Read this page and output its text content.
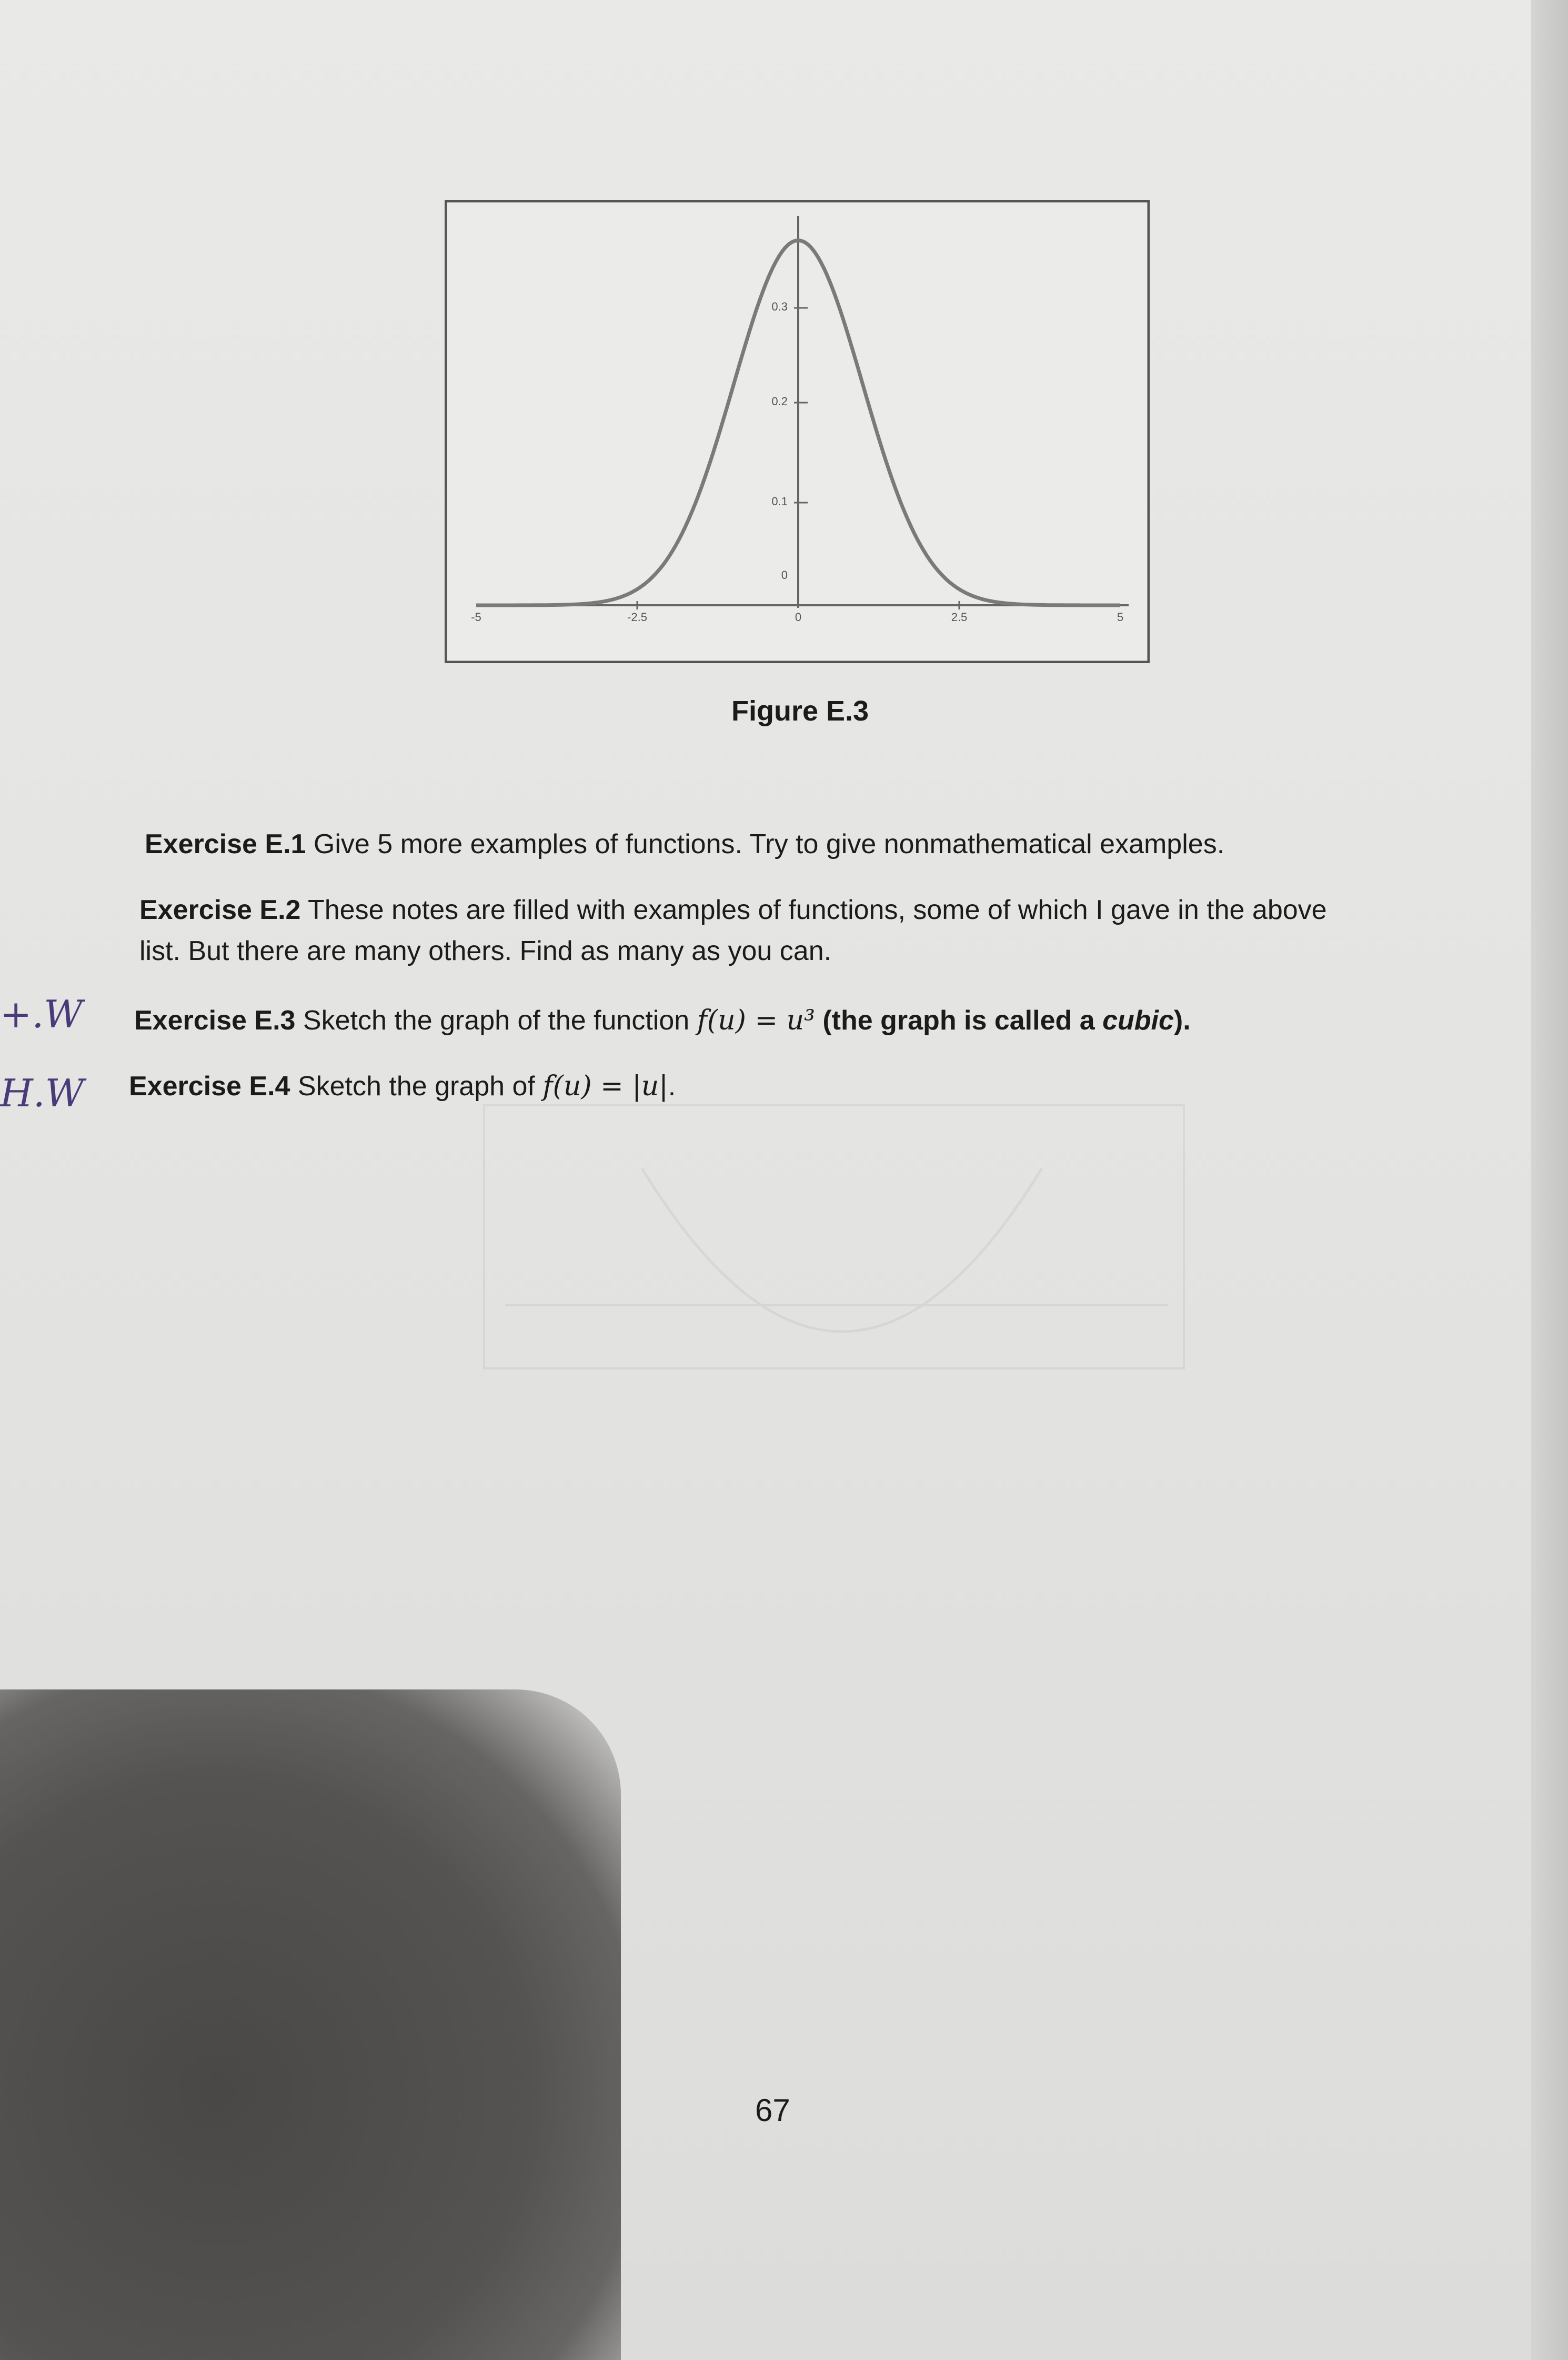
-5	-2.5	0	2.5	5
0.1
0.2
0.3
0
Figure E.3
Exercise E.1 Give 5 more examples of functions. Try to give nonmathematical examples.
Exercise E.2 These notes are filled with examples of functions, some of which I gave in the above
list. But there are many others. Find as many as you can.
Exercise E.3 Sketch the graph of the function f(u) = u³ (the graph is called a cubic).
Exercise E.4 Sketch the graph of f(u) = |u|.
+.W
H.W
67
